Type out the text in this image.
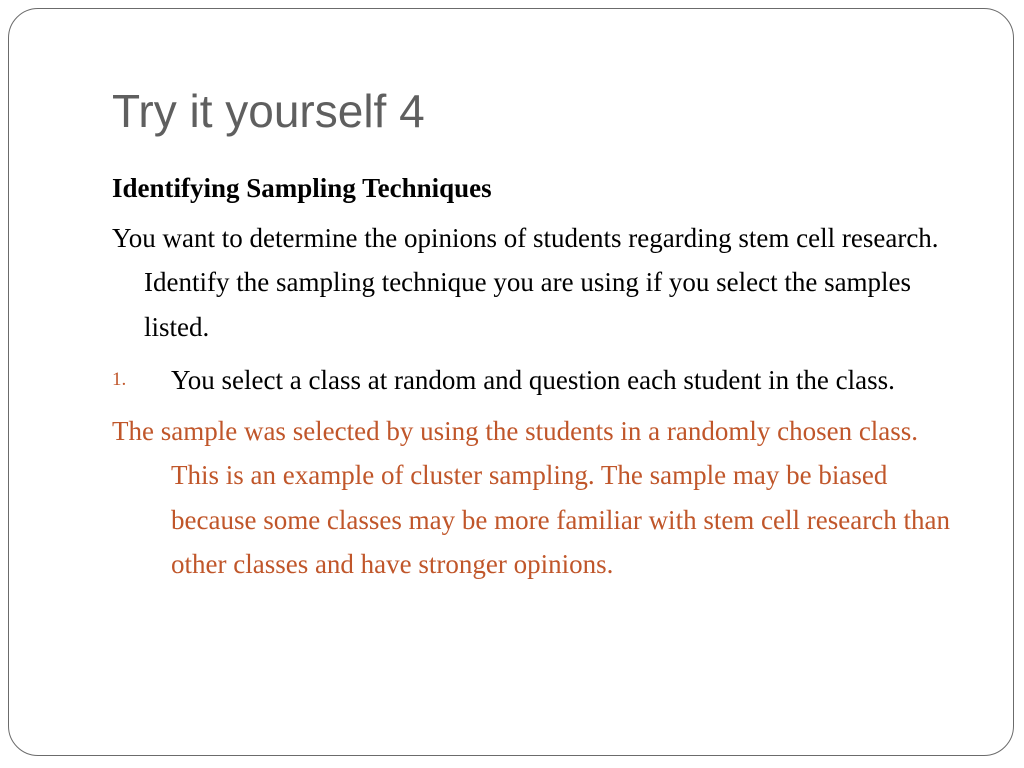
Try it yourself 4

Identifying Sampling Techniques

You want to determine the opinions of students regarding stem cell research. Identify the sampling technique you are using if you select the samples listed.

1. You select a class at random and question each student in the class.

The sample was selected by using the students in a randomly chosen class. This is an example of cluster sampling. The sample may be biased because some classes may be more familiar with stem cell research than other classes and have stronger opinions.
